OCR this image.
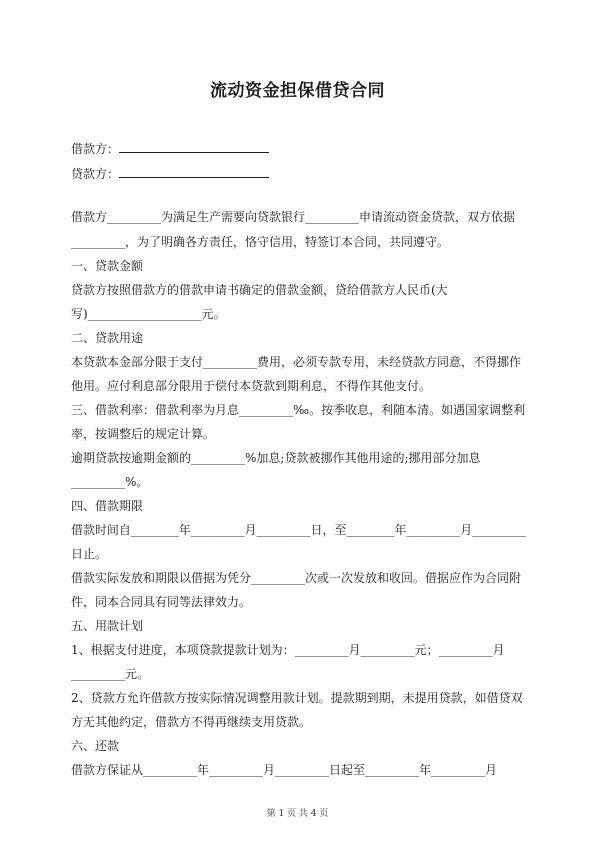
流动资金担保借贷合同
借款方：
贷款方：
借款方_________为满足生产需要向贷款银行_________申请流动资金贷款，双方依据
_________，为了明确各方责任，恪守信用，特签订本合同，共同遵守。
一、贷款金额
贷款方按照借款方的借款申请书确定的借款金额，贷给借款方人民币(大
写)___________________元。
二、贷款用途
本贷款本金部分限于支付_________费用，必须专款专用，未经贷款方同意，不得挪作
他用。应付利息部分限用于偿付本贷款到期利息，不得作其他支付。
三、借款利率：借款利率为月息_________‰。按季收息，利随本清。如遇国家调整利
率，按调整后的规定计算。
逾期贷款按逾期金额的_________%加息;贷款被挪作其他用途的;挪用部分加息
_________%。
四、借款期限
借款时间自________年_________月_________日，至________年_________月_________
日止。
借款实际发放和期限以借据为凭分_________次或一次发放和收回。借据应作为合同附
件，同本合同具有同等法律效力。
五、用款计划
1、根据支付进度，本项贷款提款计划为：_________月_________元；_________月
_________元。
2、贷款方允许借款方按实际情况调整用款计划。提款期到期，未提用贷款，如借贷双
方无其他约定，借款方不得再继续支用贷款。
六、还款
借款方保证从_________年_________月_________日起至_________年_________月
第 1 页 共 4 页
